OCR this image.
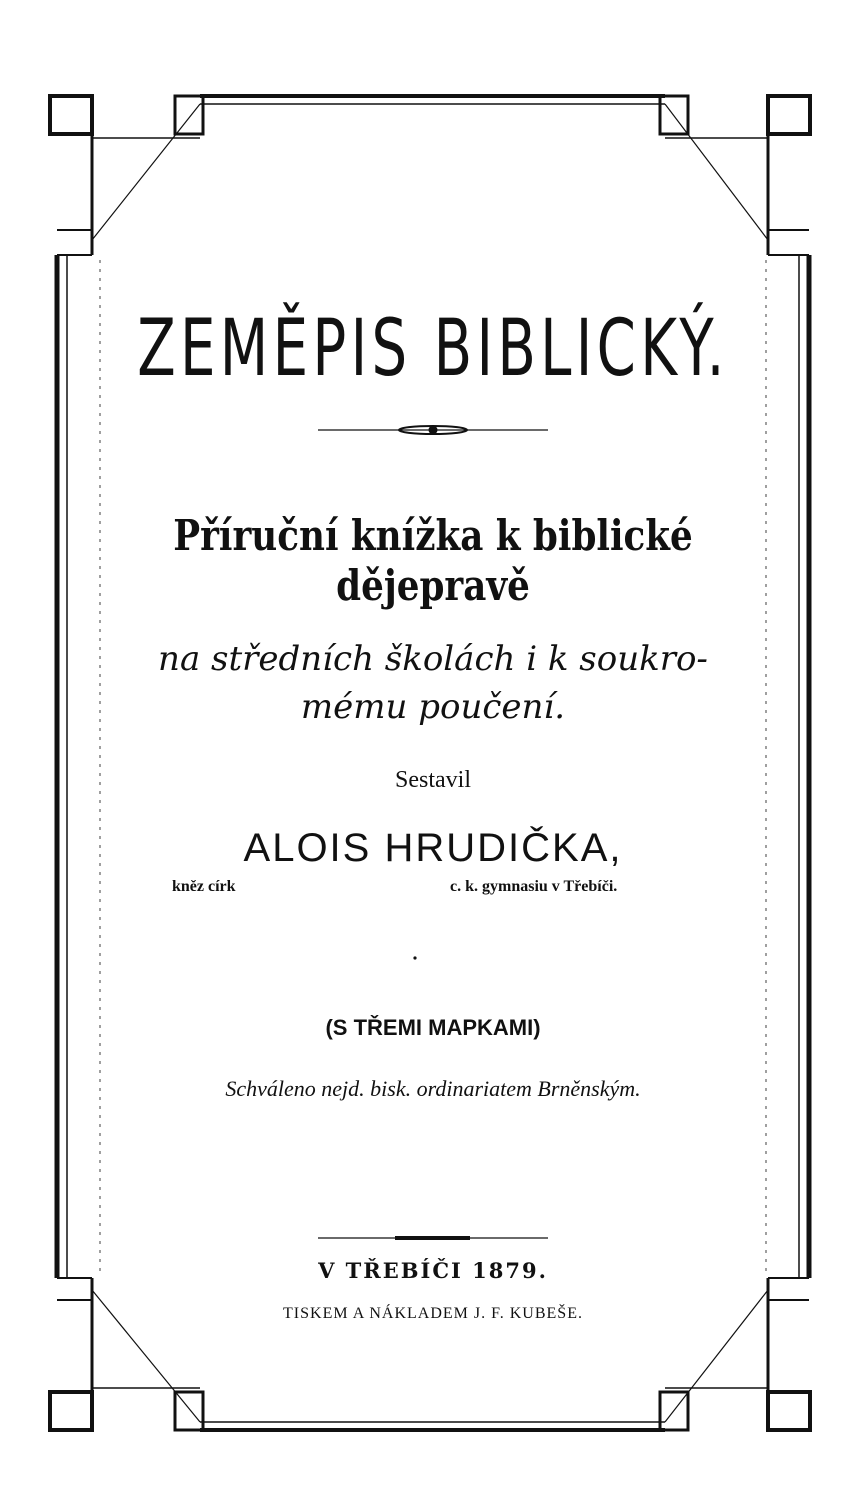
ZEMĚPIS BIBLICKÝ.
Příruční knížka k biblické
dějepravě
na středních školách i k soukro-
mému poučení.
Sestavil
ALOIS HRUDIČKA,
kněz círk	c. k. gymnasiu v Třebíči.
(S TŘEMI MAPKAMI)
Schváleno nejd. bisk. ordinariatem Brněnským.
V TŘEBÍČI 1879.
TISKEM A NÁKLADEM J. F. KUBEŠE.
